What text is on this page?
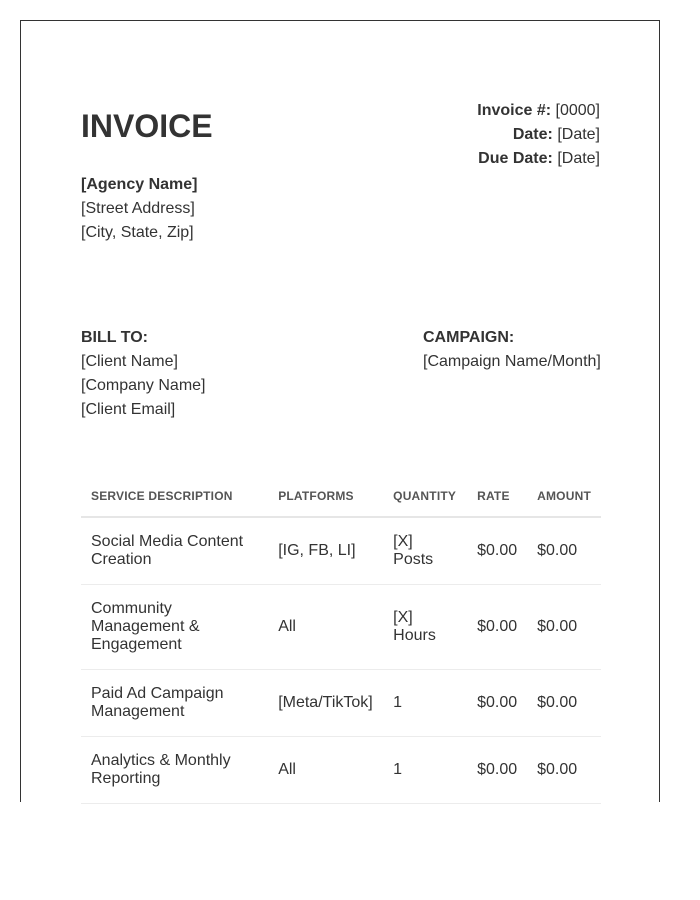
INVOICE	Invoice #: [0000]
Date: [Date]
Due Date: [Date]
[Agency Name]
[Street Address]
[City, State, Zip]
BILL TO:
[Client Name]
[Company Name]
[Client Email]
CAMPAIGN:
[Campaign Name/Month]
SERVICE DESCRIPTION	PLATFORMS	QUANTITY	RATE	AMOUNT
Social Media Content Creation	[IG, FB, LI]	[X] Posts	$0.00	$0.00
Community Management & Engagement	All	[X] Hours	$0.00	$0.00
Paid Ad Campaign Management	[Meta/TikTok]	1	$0.00	$0.00
Analytics & Monthly Reporting	All	1	$0.00	$0.00
